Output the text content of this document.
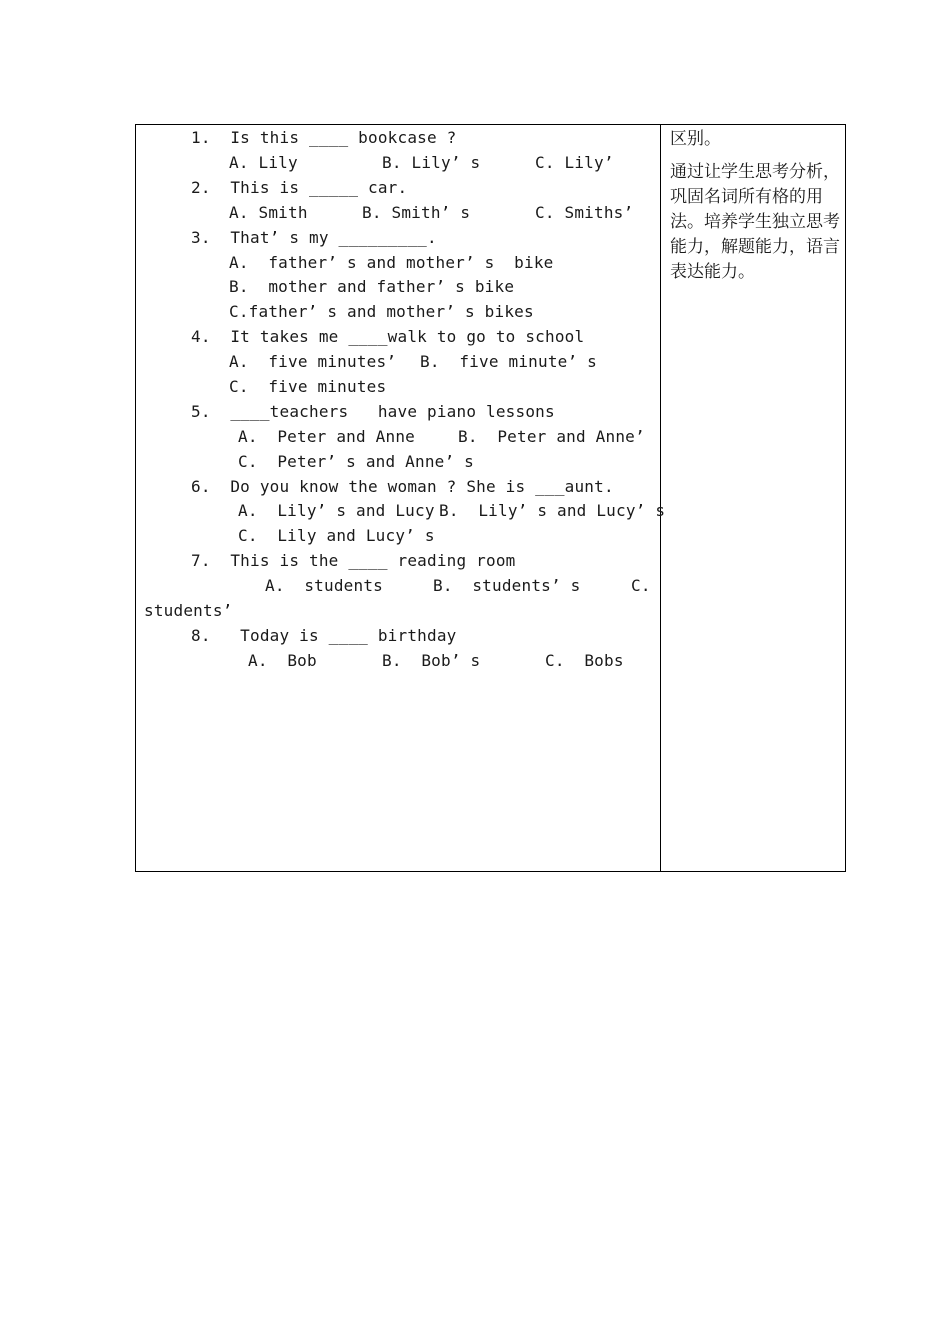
1.  Is this ____ bookcase ?
A. Lily	B. Lily’ s	C. Lily’
2.  This is _____ car.
A. Smith	B. Smith’ s	C. Smiths’
3.  That’ s my _________.
A.  father’ s and mother’ s  bike
B.  mother and father’ s bike
C.father’ s and mother’ s bikes
4.  It takes me ____walk to go to school
A.  five minutes’ B.  five minute’ s
C.  five minutes
5.  ____teachers   have piano lessons
A.  Peter and Anne	B.  Peter and Anne’
C.  Peter’ s and Anne’ s
6.  Do you know the woman ? She is ___aunt.
A.  Lily’ s and Lucy B.  Lily’ s and Lucy’ s
C.  Lily and Lucy’ s
7.  This is the ____ reading room
A.  students	B.  students’ s	C.
students’
8.   Today is ____ birthday
A.  Bob	B.  Bob’ s	C.  Bobs
区别。
通过让学生思考分析，巩固名词所有格的用法。培养学生独立思考能力，解题能力，语言表达能力。
